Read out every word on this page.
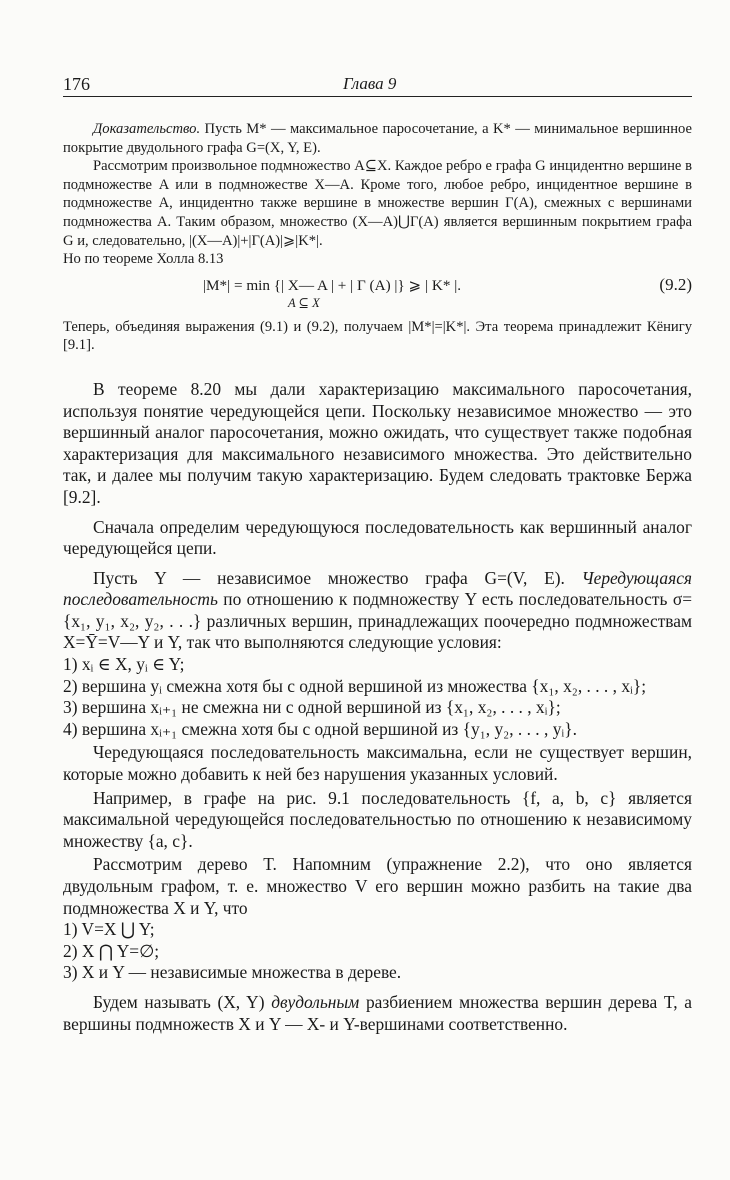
176	Глава 9

Доказательство. Пусть M* — максимальное паросочетание, а K* — минимальное вершинное покрытие двудольного графа G=(X, Y, E).

Рассмотрим произвольное подмножество A⊆X. Каждое ребро e графа G инцидентно вершине в подмножестве A или в подмножестве X—A. Кроме того, любое ребро, инцидентное вершине в подмножестве A, инцидентно также вершине в множестве вершин Γ(A), смежных с вершинами подмножества A. Таким образом, множество (X—A)⋃Γ(A) является вершинным покрытием графа G и, следовательно, |(X—A)|+|Γ(A)|⩾|K*|.

Но по теореме Холла 8.13

|M*| = min {| X— A | + | Γ (A) |} ⩾ | K* |.
A ⊆ X
(9.2)

Теперь, объединяя выражения (9.1) и (9.2), получаем |M*|=|K*|. Эта теорема принадлежит Кёнигу [9.1].

В теореме 8.20 мы дали характеризацию максимального паросочетания, используя понятие чередующейся цепи. Поскольку независимое множество — это вершинный аналог паросочетания, можно ожидать, что существует также подобная характеризация для максимального независимого множества. Это действительно так, и далее мы получим такую характеризацию. Будем следовать трактовке Бержа [9.2].

Сначала определим чередующуюся последовательность как вершинный аналог чередующейся цепи.

Пусть Y — независимое множество графа G=(V, E). Чередующаяся последовательность по отношению к подмножеству Y есть последовательность σ={x₁, y₁, x₂, y₂, . . .} различных вершин, принадлежащих поочередно подмножествам X=Ȳ=V—Y и Y, так что выполняются следующие условия:

1) xᵢ ∈ X, yᵢ ∈ Y;

2) вершина yᵢ смежна хотя бы с одной вершиной из множества {x₁, x₂, . . . , xᵢ};

3) вершина xᵢ₊₁ не смежна ни с одной вершиной из {x₁, x₂, . . . , xᵢ};

4) вершина xᵢ₊₁ смежна хотя бы с одной вершиной из {y₁, y₂, . . . , yᵢ}.

Чередующаяся последовательность максимальна, если не существует вершин, которые можно добавить к ней без нарушения указанных условий.

Например, в графе на рис. 9.1 последовательность {f, a, b, c} является максимальной чередующейся последовательностью по отношению к независимому множеству {a, c}.

Рассмотрим дерево T. Напомним (упражнение 2.2), что оно является двудольным графом, т. е. множество V его вершин можно разбить на такие два подмножества X и Y, что

1) V=X ⋃ Y;

2) X ⋂ Y=∅;

3) X и Y — независимые множества в дереве.

Будем называть (X, Y) двудольным разбиением множества вершин дерева T, а вершины подмножеств X и Y — X- и Y-вершинами соответственно.
